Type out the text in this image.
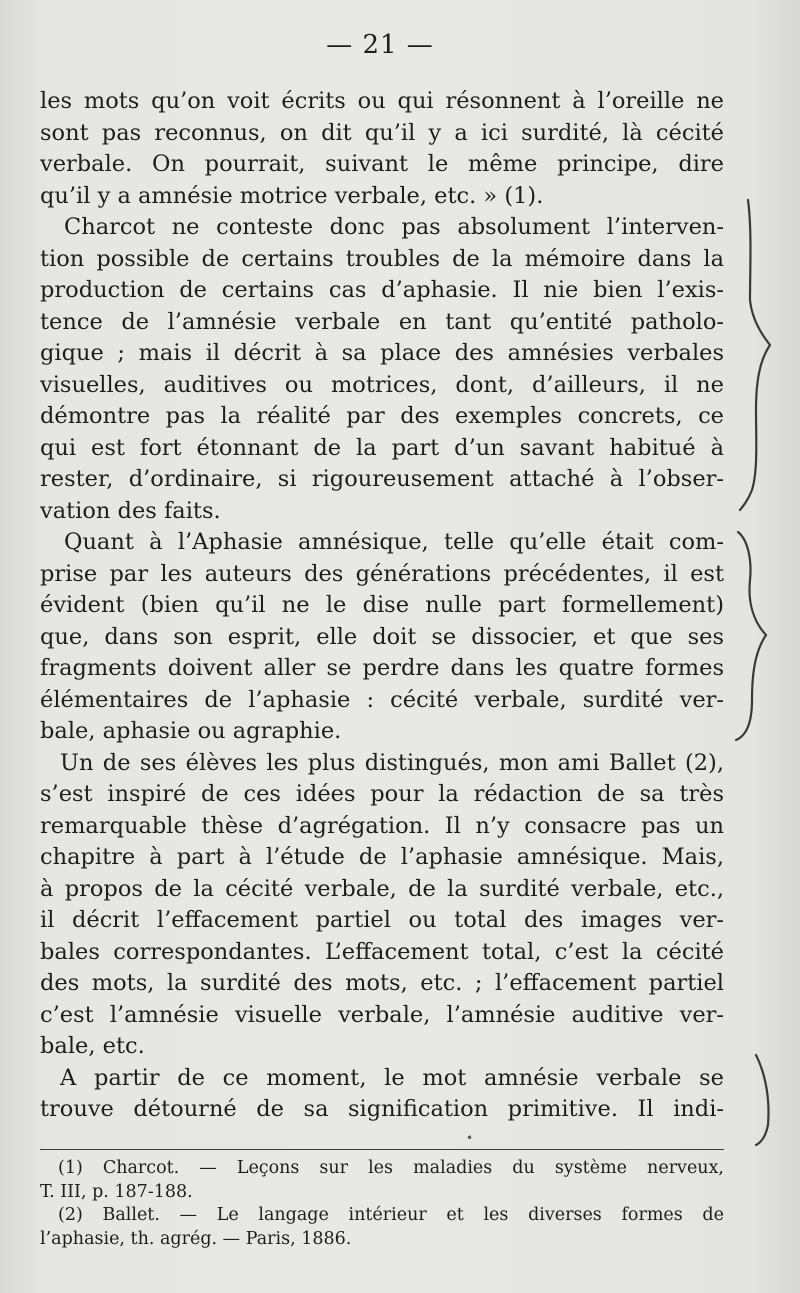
— 21 —
les mots qu’on voit écrits ou qui résonnent à l’oreille ne
sont pas reconnus, on dit qu’il y a ici surdité, là cécité
verbale. On pourrait, suivant le même principe, dire
qu’il y a amnésie motrice verbale, etc. » (1).
Charcot ne conteste donc pas absolument l’interven-
tion possible de certains troubles de la mémoire dans la
production de certains cas d’aphasie. Il nie bien l’exis-
tence de l’amnésie verbale en tant qu’entité patholo-
gique ; mais il décrit à sa place des amnésies verbales
visuelles, auditives ou motrices, dont, d’ailleurs, il ne
démontre pas la réalité par des exemples concrets, ce
qui est fort étonnant de la part d’un savant habitué à
rester, d’ordinaire, si rigoureusement attaché à l’obser-
vation des faits.
Quant à l’Aphasie amnésique, telle qu’elle était com-
prise par les auteurs des générations précédentes, il est
évident (bien qu’il ne le dise nulle part formellement)
que, dans son esprit, elle doit se dissocier, et que ses
fragments doivent aller se perdre dans les quatre formes
élémentaires de l’aphasie : cécité verbale, surdité ver-
bale, aphasie ou agraphie.
Un de ses élèves les plus distingués, mon ami Ballet (2),
s’est inspiré de ces idées pour la rédaction de sa très
remarquable thèse d’agrégation. Il n’y consacre pas un
chapitre à part à l’étude de l’aphasie amnésique. Mais,
à propos de la cécité verbale, de la surdité verbale, etc.,
il décrit l’effacement partiel ou total des images ver-
bales correspondantes. L’effacement total, c’est la cécité
des mots, la surdité des mots, etc. ; l’effacement partiel
c’est l’amnésie visuelle verbale, l’amnésie auditive ver-
bale, etc.
A partir de ce moment, le mot amnésie verbale se
trouve détourné de sa signification primitive. Il indi-
•
(1) Charcot. — Leçons sur les maladies du système nerveux,
T. III, p. 187-188.
(2) Ballet. — Le langage intérieur et les diverses formes de
l’aphasie, th. agrég. — Paris, 1886.
